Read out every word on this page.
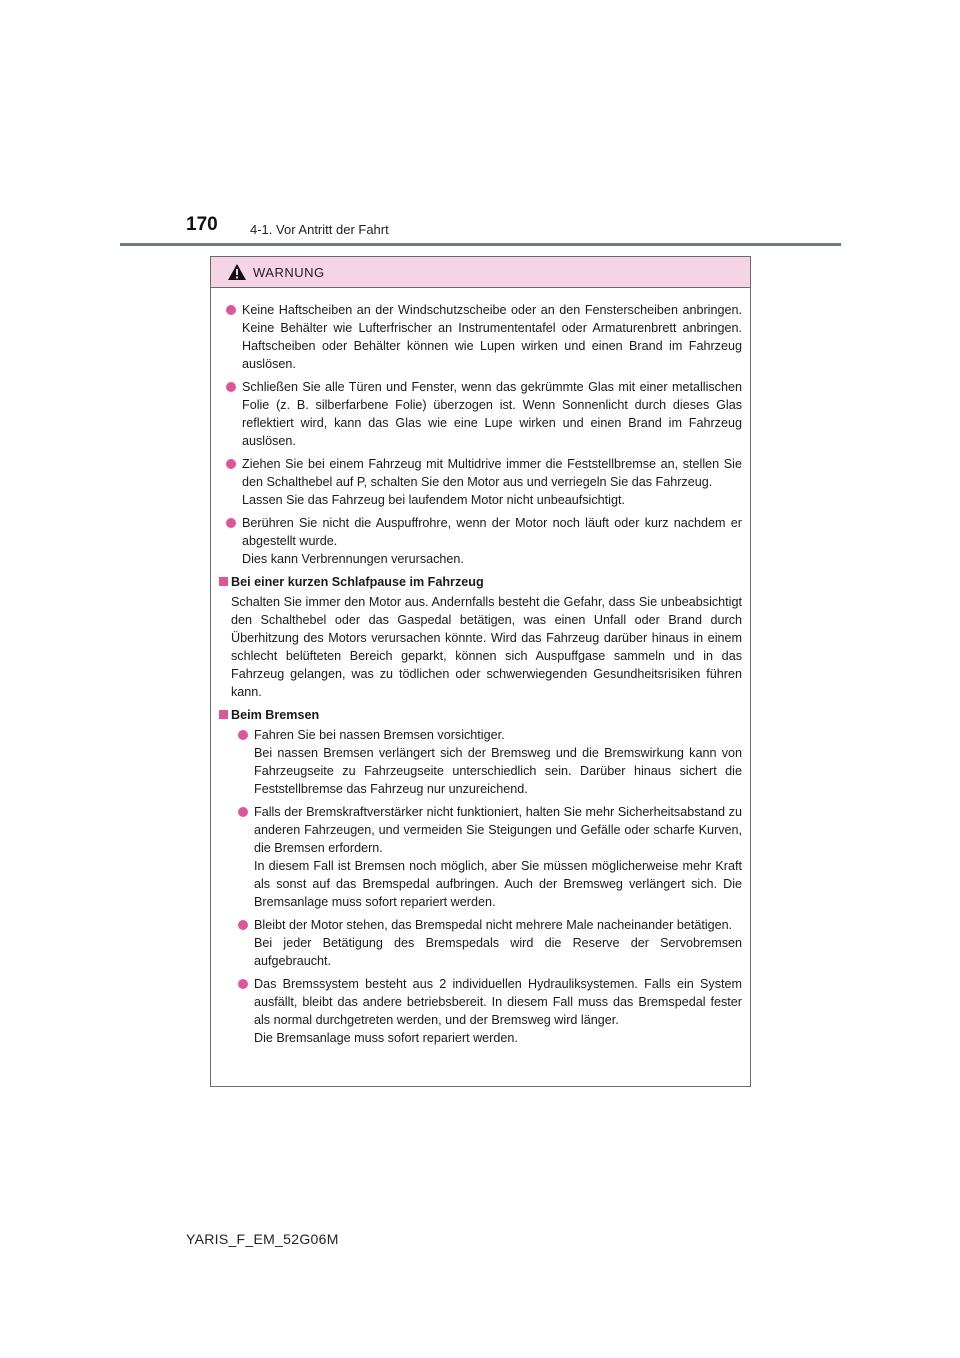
170 4-1. Vor Antritt der Fahrt
WARNUNG
Keine Haftscheiben an der Windschutzscheibe oder an den Fensterscheiben anbringen. Keine Behälter wie Lufterfrischer an Instrumententafel oder Armaturenbrett anbringen. Haftscheiben oder Behälter können wie Lupen wirken und einen Brand im Fahrzeug auslösen.
Schließen Sie alle Türen und Fenster, wenn das gekrümmte Glas mit einer metallischen Folie (z. B. silberfarbene Folie) überzogen ist. Wenn Sonnenlicht durch dieses Glas reflektiert wird, kann das Glas wie eine Lupe wirken und einen Brand im Fahrzeug auslösen.
Ziehen Sie bei einem Fahrzeug mit Multidrive immer die Feststellbremse an, stellen Sie den Schalthebel auf P, schalten Sie den Motor aus und verriegeln Sie das Fahrzeug.
Lassen Sie das Fahrzeug bei laufendem Motor nicht unbeaufsichtigt.
Berühren Sie nicht die Auspuffrohre, wenn der Motor noch läuft oder kurz nachdem er abgestellt wurde.
Dies kann Verbrennungen verursachen.
Bei einer kurzen Schlafpause im Fahrzeug
Schalten Sie immer den Motor aus. Andernfalls besteht die Gefahr, dass Sie unbeabsichtigt den Schalthebel oder das Gaspedal betätigen, was einen Unfall oder Brand durch Überhitzung des Motors verursachen könnte. Wird das Fahrzeug darüber hinaus in einem schlecht belüfteten Bereich geparkt, können sich Auspuffgase sammeln und in das Fahrzeug gelangen, was zu tödlichen oder schwerwiegenden Gesundheitsrisiken führen kann.
Beim Bremsen
Fahren Sie bei nassen Bremsen vorsichtiger.
Bei nassen Bremsen verlängert sich der Bremsweg und die Bremswirkung kann von Fahrzeugseite zu Fahrzeugseite unterschiedlich sein. Darüber hinaus sichert die Feststellbremse das Fahrzeug nur unzureichend.
Falls der Bremskraftverstärker nicht funktioniert, halten Sie mehr Sicherheitsabstand zu anderen Fahrzeugen, und vermeiden Sie Steigungen und Gefälle oder scharfe Kurven, die Bremsen erfordern.
In diesem Fall ist Bremsen noch möglich, aber Sie müssen möglicherweise mehr Kraft als sonst auf das Bremspedal aufbringen. Auch der Bremsweg verlängert sich. Die Bremsanlage muss sofort repariert werden.
Bleibt der Motor stehen, das Bremspedal nicht mehrere Male nacheinander betätigen.
Bei jeder Betätigung des Bremspedals wird die Reserve der Servobremsen aufgebraucht.
Das Bremssystem besteht aus 2 individuellen Hydrauliksystemen. Falls ein System ausfällt, bleibt das andere betriebsbereit. In diesem Fall muss das Bremspedal fester als normal durchgetreten werden, und der Bremsweg wird länger.
Die Bremsanlage muss sofort repariert werden.
YARIS_F_EM_52G06M
